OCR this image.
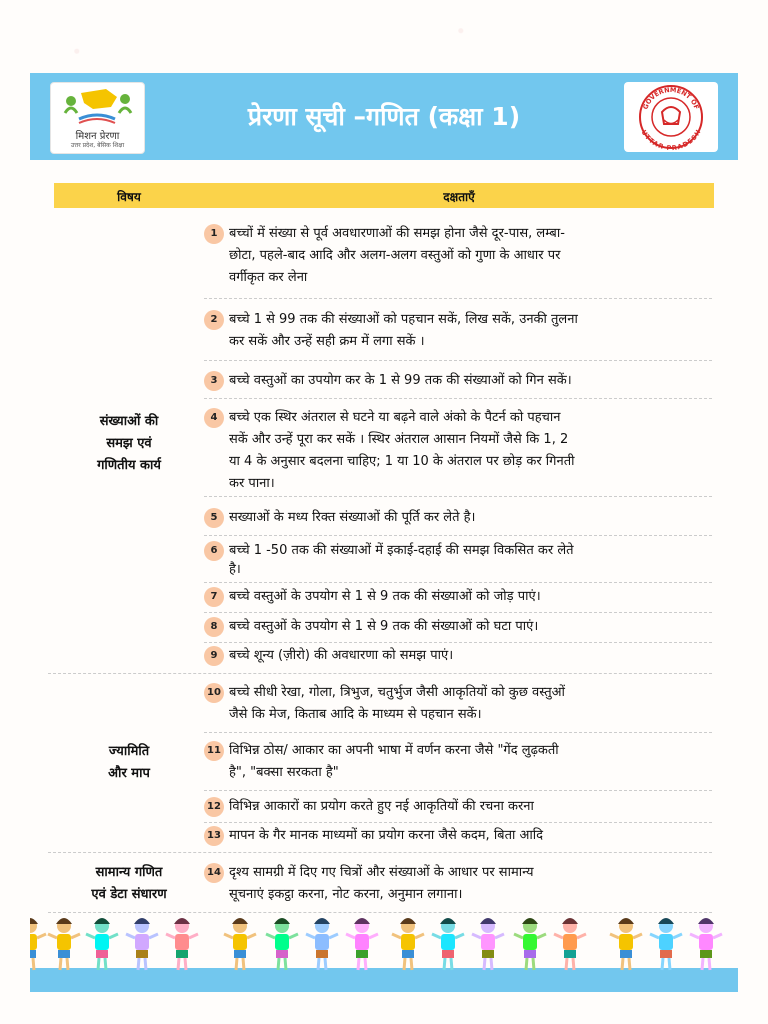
मिशन प्रेरणा
उत्तर प्रदेश, बेसिक शिक्षा
प्रेरणा सूची –गणित (कक्षा 1)	GOVERNMENT OF
UTTAR PRADESH
विषय	दक्षताएँ
संख्याओं की
समझ एवं
गणितीय कार्य
ज्यामिति
और माप
सामान्य गणित
एवं डेटा संधारण
1 बच्चों में संख्या से पूर्व अवधारणाओं की समझ होना जैसे दूर-पास, लम्बा-
छोटा, पहले-बाद आदि और अलग-अलग वस्तुओं को गुणा के आधार पर
वर्गीकृत कर लेना
2 बच्चे 1 से 99 तक की संख्याओं को पहचान सकें, लिख सकें, उनकी तुलना
कर सकें और उन्हें सही क्रम में लगा सकें ।
3 बच्चे वस्तुओं का उपयोग कर के 1 से 99 तक की संख्याओं को गिन सकें।
4 बच्चे एक स्थिर अंतराल से घटने या बढ़ने वाले अंको के पैटर्न को पहचान
सकें और उन्हें पूरा कर सकें । स्थिर अंतराल आसान नियमों जैसे कि 1, 2
या 4 के अनुसार बदलना चाहिए; 1 या 10 के अंतराल पर छोड़ कर गिनती
कर पाना।
5 सख्याओं के मध्य रिक्त संख्याओं की पूर्ति कर लेते है।
6 बच्चे 1 -50 तक की संख्याओं में इकाई-दहाई की समझ विकसित कर लेते
है।
7 बच्चे वस्तुओं के उपयोग से 1 से 9 तक की संख्याओं को जोड़ पाएं।
8 बच्चे वस्तुओं के उपयोग से 1 से 9 तक की संख्याओं को घटा पाएं।
9 बच्चे शून्य (ज़ीरो) की अवधारणा को समझ पाएं।
10 बच्चे सीधी रेखा, गोला, त्रिभुज, चतुर्भुज जैसी आकृतियों को कुछ वस्तुओं
जैसे कि मेज, किताब आदि के माध्यम से पहचान सकें।
11 विभिन्न ठोस/ आकार का अपनी भाषा में वर्णन करना जैसे "गेंद लुढ़कती
है", "बक्सा सरकता है"
12 विभिन्न आकारों का प्रयोग करते हुए नई आकृतियों की रचना करना
13 मापन के गैर मानक माध्यमों का प्रयोग करना जैसे कदम, बिता आदि
14 दृश्य सामग्री में दिए गए चित्रों और संख्याओं के आधार पर सामान्य
सूचनाएं इकट्ठा करना, नोट करना, अनुमान लगाना।
